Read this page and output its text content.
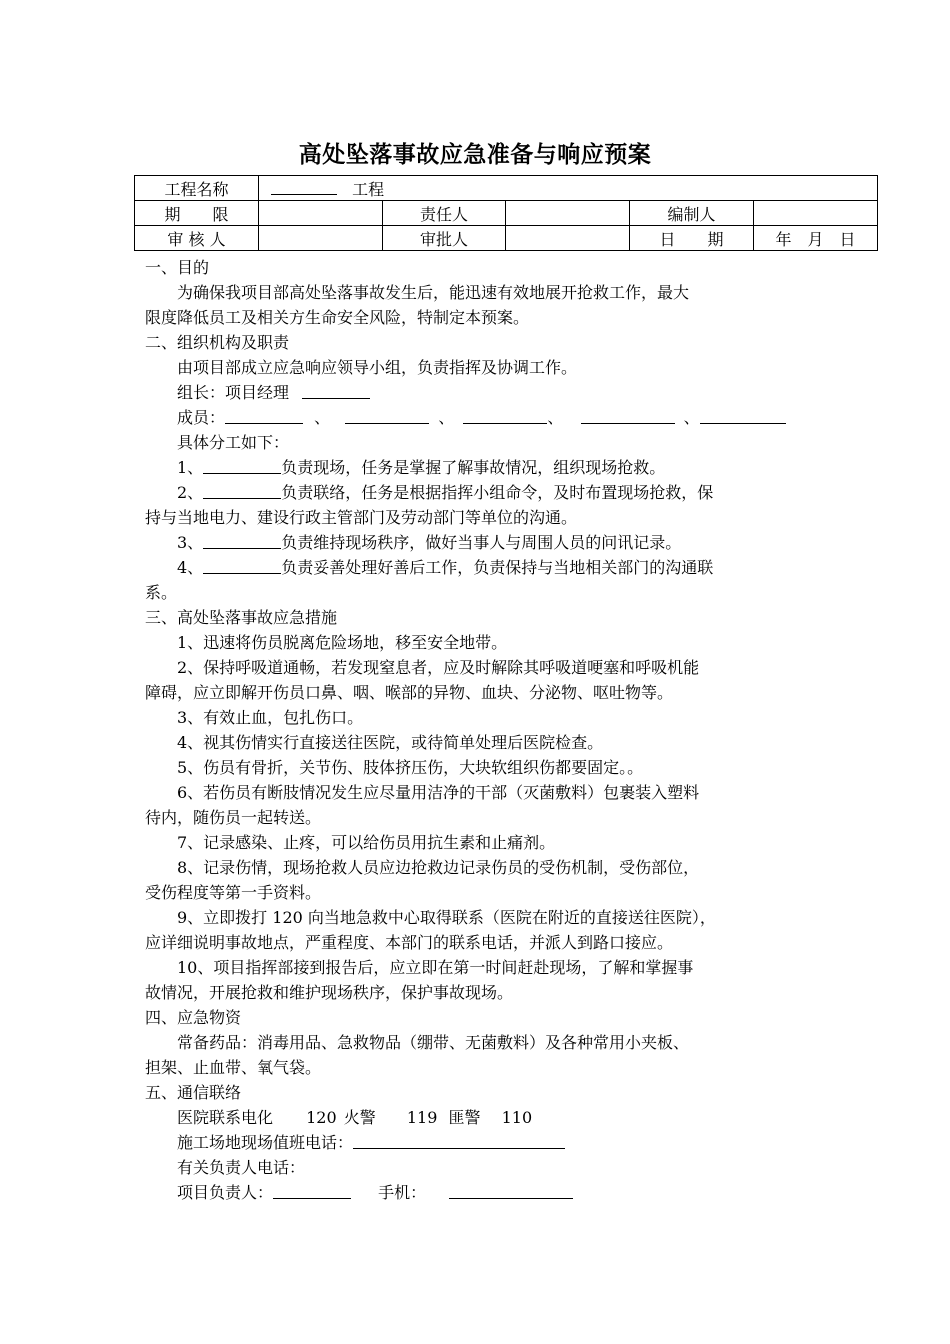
高处坠落事故应急准备与响应预案
工程名称	工程				
期　　限		责任人		编制人	
审 核 人		审批人		日　　期	年　月　日
一、目的
为确保我项目部高处坠落事故发生后，能迅速有效地展开抢救工作，最大
限度降低员工及相关方生命安全风险，特制定本预案。
二、组织机构及职责
由项目部成立应急响应领导小组，负责指挥及协调工作。
组长：项目经理
成员：	、	、	、	、
具体分工如下：
1、	负责现场，任务是掌握了解事故情况，组织现场抢救。
2、	负责联络，任务是根据指挥小组命令，及时布置现场抢救，保
持与当地电力、建设行政主管部门及劳动部门等单位的沟通。
3、	负责维持现场秩序，做好当事人与周围人员的问讯记录。
4、	负责妥善处理好善后工作，负责保持与当地相关部门的沟通联
系。
三、高处坠落事故应急措施
1、迅速将伤员脱离危险场地，移至安全地带。
2、保持呼吸道通畅，若发现窒息者，应及时解除其呼吸道哽塞和呼吸机能
障碍，应立即解开伤员口鼻、咽、喉部的异物、血块、分泌物、呕吐物等。
3、有效止血，包扎伤口。
4、视其伤情实行直接送往医院，或待简单处理后医院检查。
5、伤员有骨折，关节伤、肢体挤压伤，大块软组织伤都要固定。。
6、若伤员有断肢情况发生应尽量用洁净的干部（灭菌敷料）包裹装入塑料
待内，随伤员一起转送。
7、记录感染、止疼，可以给伤员用抗生素和止痛剂。
8、记录伤情，现场抢救人员应边抢救边记录伤员的受伤机制，受伤部位，
受伤程度等第一手资料。
9、立即拨打 120 向当地急救中心取得联系（医院在附近的直接送往医院），
应详细说明事故地点，严重程度、本部门的联系电话，并派人到路口接应。
10、项目指挥部接到报告后，应立即在第一时间赶赴现场，了解和掌握事
故情况，开展抢救和维护现场秩序，保护事故现场。
四、应急物资
常备药品：消毒用品、急救物品（绷带、无菌敷料）及各种常用小夹板、
担架、止血带、氧气袋。
五、通信联络
医院联系电化 120 火警 119 匪警 110
施工场地现场值班电话：
有关负责人电话：
项目负责人：	手机：
